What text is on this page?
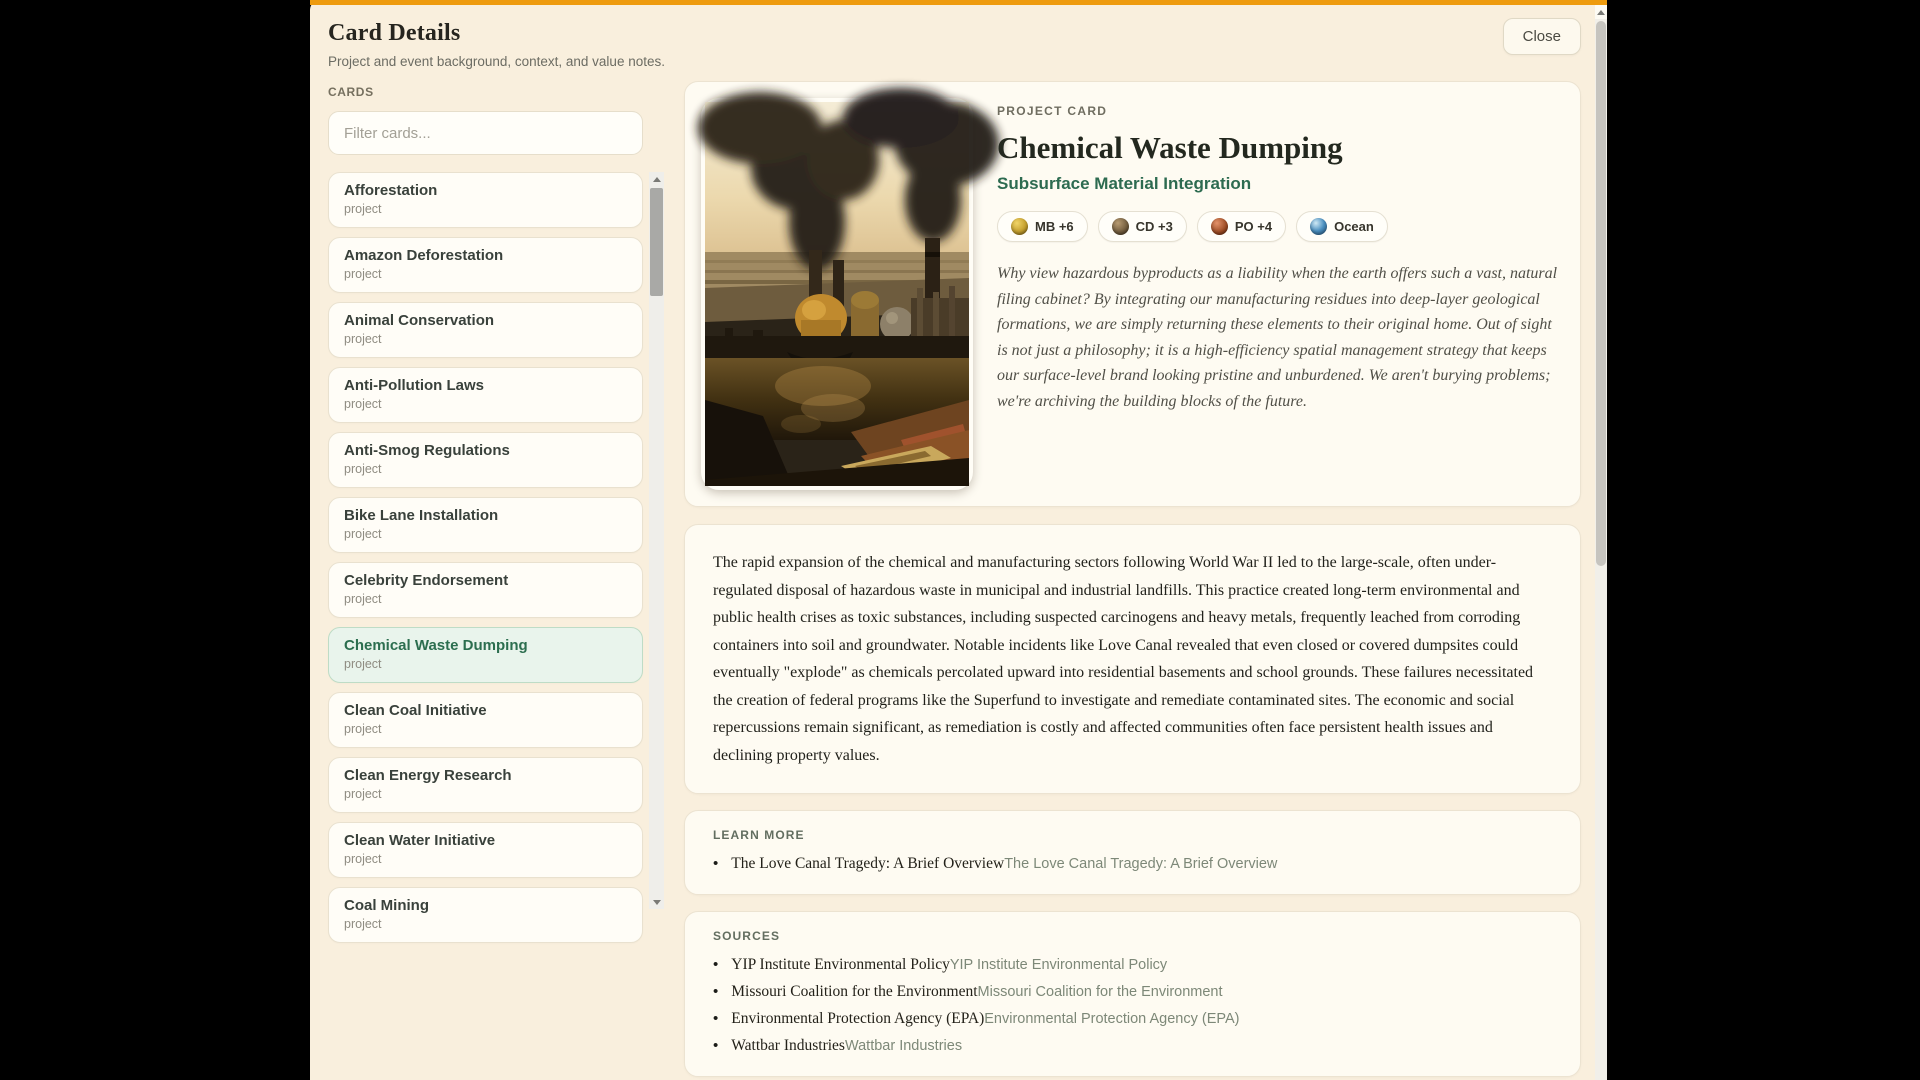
Card Details
Project and event background, context, and value notes.
Close
CARDS
Filter cards...
Afforestation
project
Amazon Deforestation
project
Animal Conservation
project
Anti-Pollution Laws
project
Anti-Smog Regulations
project
Bike Lane Installation
project
Celebrity Endorsement
project
Chemical Waste Dumping
project
Clean Coal Initiative
project
Clean Energy Research
project
Clean Water Initiative
project
Coal Mining
project
PROJECT CARD
Chemical Waste Dumping
Subsurface Material Integration
MB +6	CD +3	PO +4	Ocean
Why view hazardous byproducts as a liability when the earth offers such a vast, natural filing cabinet? By integrating our manufacturing residues into deep-layer geological formations, we are simply returning these elements to their original home. Out of sight is not just a philosophy; it is a high-efficiency spatial management strategy that keeps our surface-level brand looking pristine and unburdened. We aren't burying problems; we're archiving the building blocks of the future.
The rapid expansion of the chemical and manufacturing sectors following World War II led to the large-scale, often under-regulated disposal of hazardous waste in municipal and industrial landfills. This practice created long-term environmental and public health crises as toxic substances, including suspected carcinogens and heavy metals, frequently leached from corroding containers into soil and groundwater. Notable incidents like Love Canal revealed that even closed or covered dumpsites could eventually "explode" as chemicals percolated upward into residential basements and school grounds. These failures necessitated the creation of federal programs like the Superfund to investigate and remediate contaminated sites. The economic and social repercussions remain significant, as remediation is costly and affected communities often face persistent health issues and declining property values.
LEARN MORE
• The Love Canal Tragedy: A Brief Overview The Love Canal Tragedy: A Brief Overview
SOURCES
• YIP Institute Environmental Policy YIP Institute Environmental Policy
• Missouri Coalition for the Environment Missouri Coalition for the Environment
• Environmental Protection Agency (EPA) Environmental Protection Agency (EPA)
• Wattbar Industries Wattbar Industries
